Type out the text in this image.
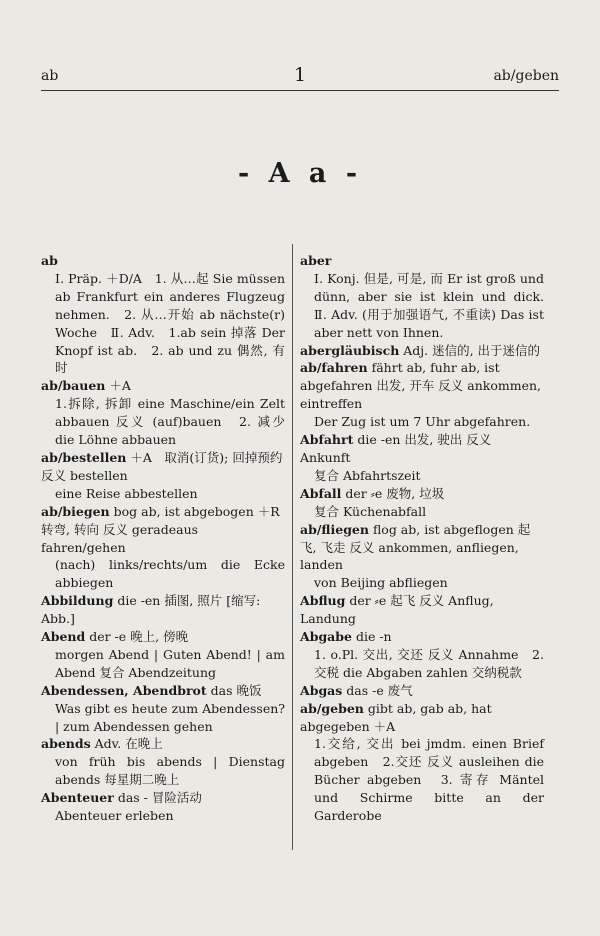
ab	1	ab/geben
- A a -
ab
Ⅰ. Präp. ＋D/A　1. 从…起 Sie müssen ab Frankfurt ein anderes Flugzeug nehmen.　2. 从…开始 ab nächste(r) Woche　Ⅱ. Adv.　1.ab sein 掉落 Der Knopf ist ab.　2. ab und zu 偶然, 有时
ab/bauen ＋A
1.拆除, 拆卸 eine Maschine/ein Zelt abbauen 反义 (auf)bauen　2. 减少 die Löhne abbauen
ab/bestellen ＋A　取消(订货); 回掉预约 反义 bestellen
eine Reise abbestellen
ab/biegen bog ab, ist abgebogen ＋R 转弯, 转向 反义 geradeaus fahren/gehen
(nach) links/rechts/um die Ecke abbiegen
Abbildung die -en 插图, 照片 [缩写: Abb.]
Abend der -e 晚上, 傍晚
morgen Abend | Guten Abend! | am Abend 复合 Abendzeitung
Abendessen, Abendbrot das 晚饭
Was gibt es heute zum Abendessen? | zum Abendessen gehen
abends Adv. 在晚上
von früh bis abends | Dienstag abends 每星期二晚上
Abenteuer das - 冒险活动
Abenteuer erleben
aber
Ⅰ. Konj. 但是, 可是, 而 Er ist groß und dünn, aber sie ist klein und dick.　Ⅱ. Adv. (用于加强语气, 不重读) Das ist aber nett von Ihnen.
abergläubisch Adj. 迷信的, 出于迷信的
ab/fahren fährt ab, fuhr ab, ist abgefahren 出发, 开车 反义 ankommen, eintreffen
Der Zug ist um 7 Uhr abgefahren.
Abfahrt die -en 出发, 驶出 反义 Ankunft
复合 Abfahrtszeit
Abfall der ⸗e 废物, 垃圾
复合 Küchenabfall
ab/fliegen flog ab, ist abgeflogen 起飞, 飞走 反义 ankommen, anfliegen, landen
von Beijing abfliegen
Abflug der ⸗e 起飞 反义 Anflug, Landung
Abgabe die -n
1. o.Pl. 交出, 交还 反义 Annahme　2. 交税 die Abgaben zahlen 交纳税款
Abgas das -e 废气
ab/geben gibt ab, gab ab, hat abgegeben ＋A
1.交给, 交出 bei jmdm. einen Brief abgeben　2.交还 反义 ausleihen die Bücher abgeben　3. 寄存 Mäntel und Schirme bitte an der Garderobe
